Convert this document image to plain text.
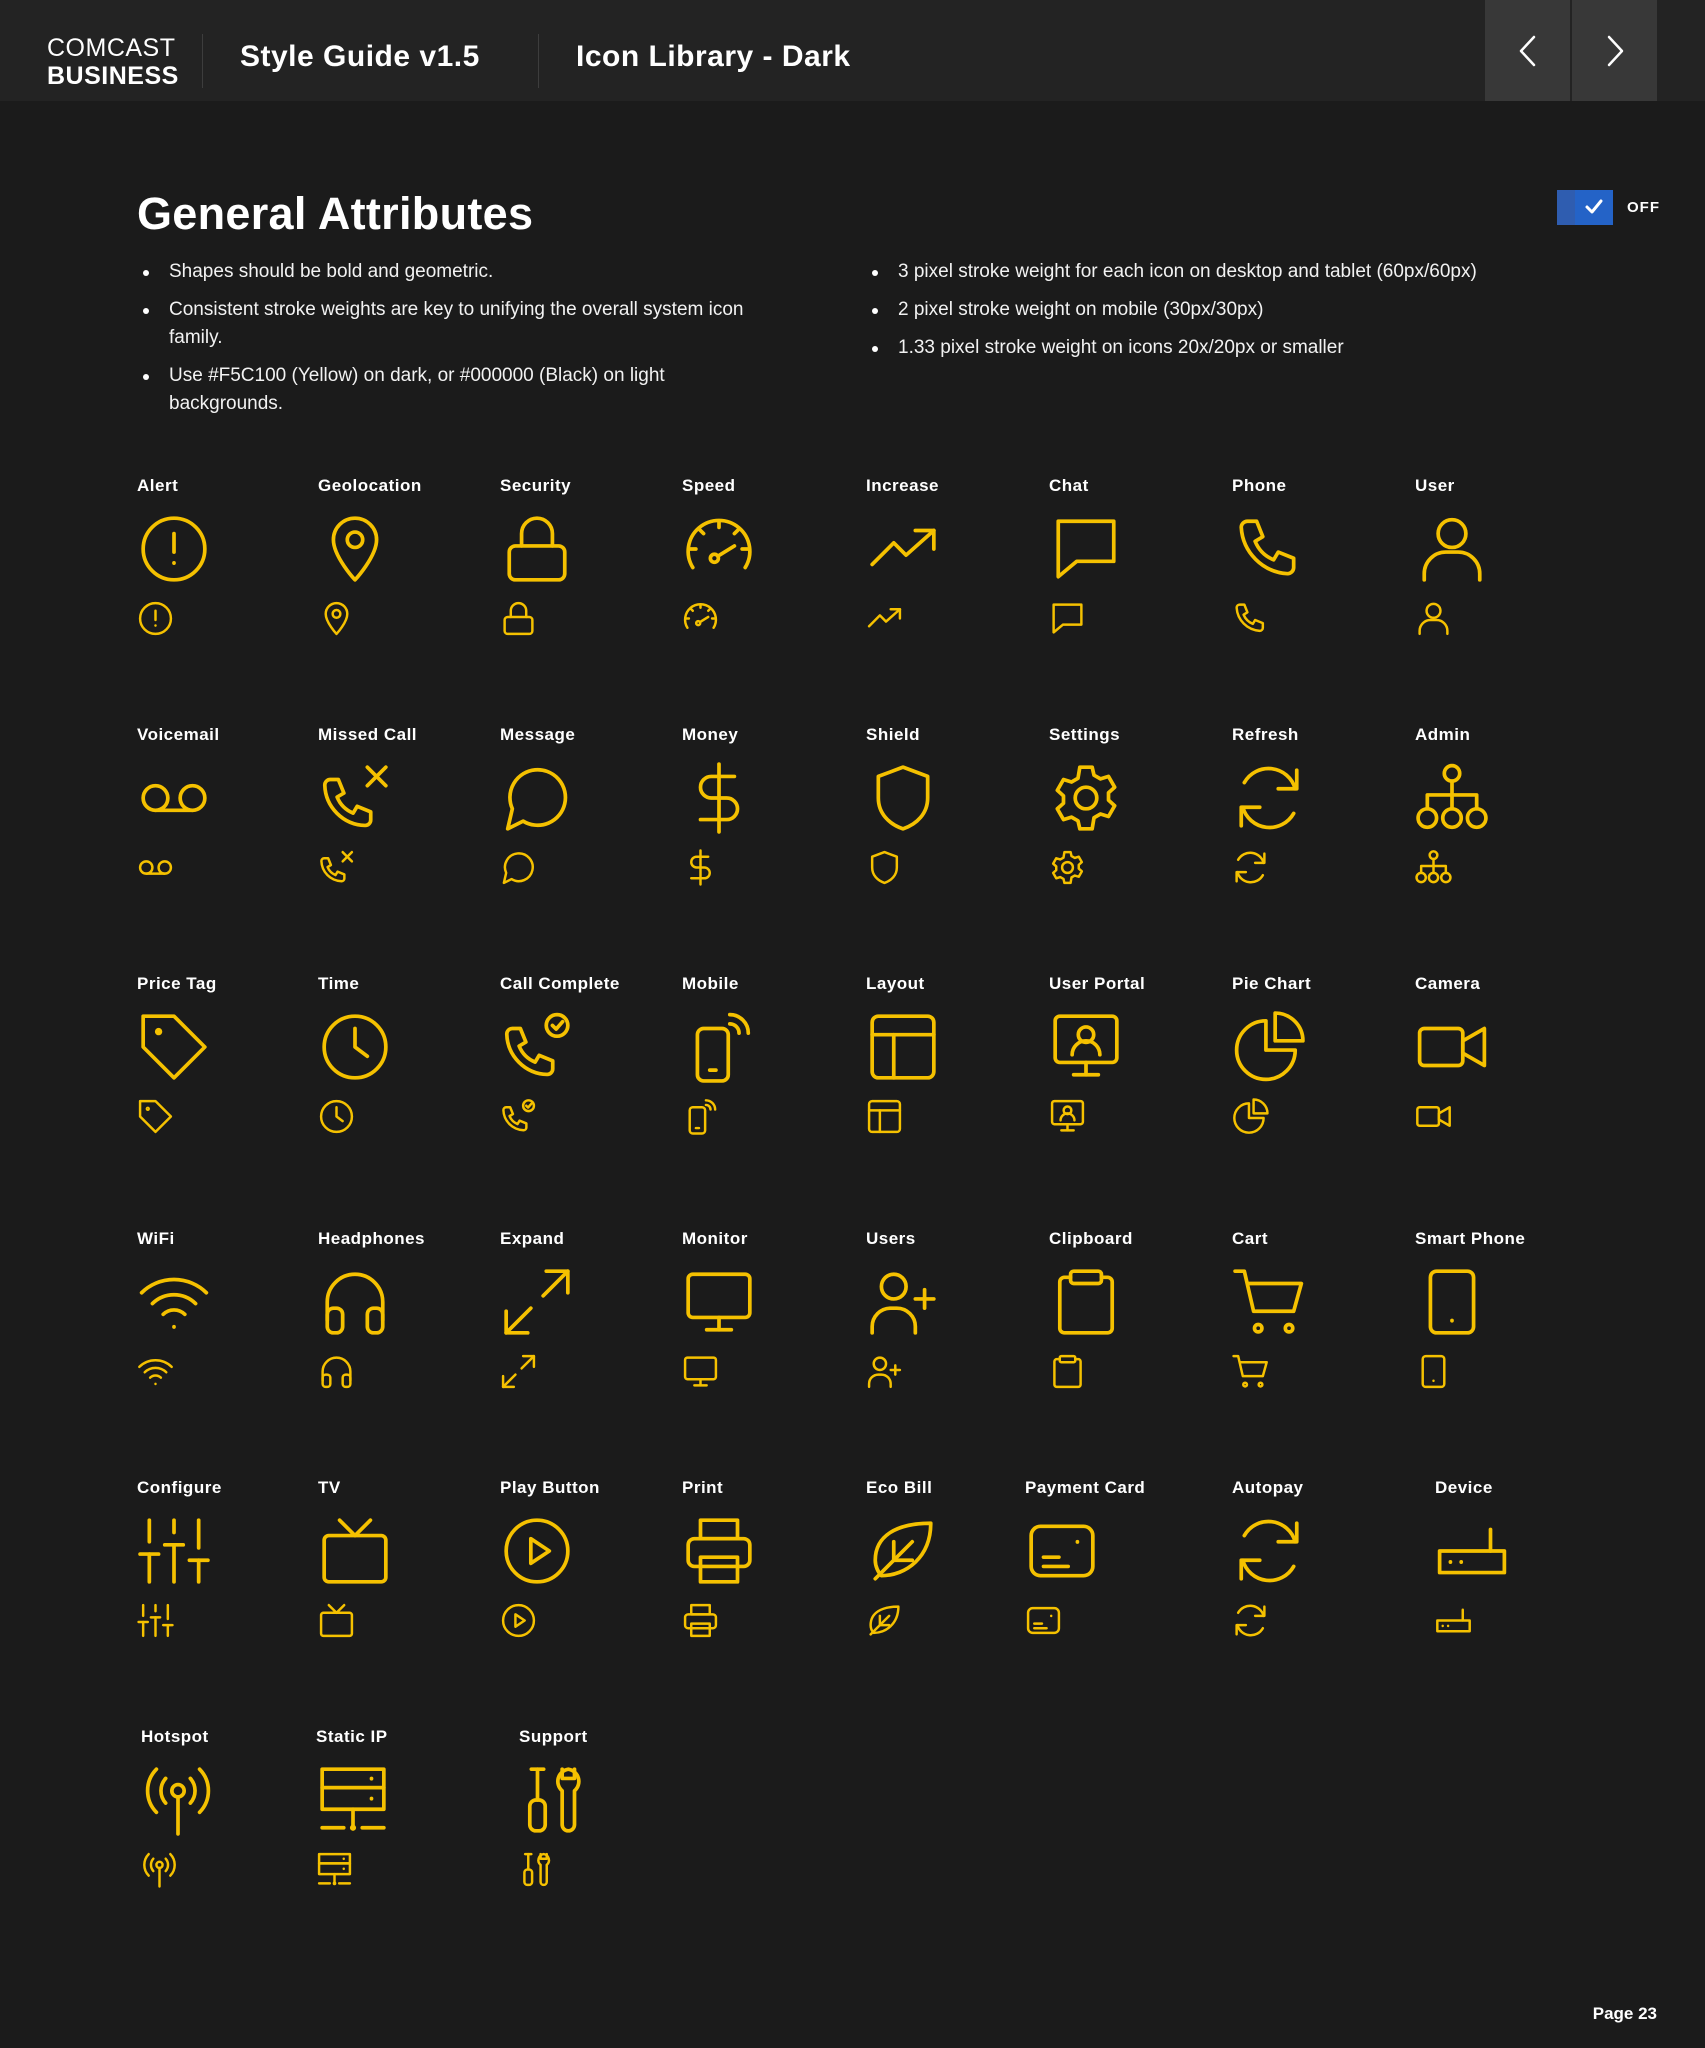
COMCAST
BUSINESS
Style Guide v1.5	Icon Library - Dark
General Attributes	OFF
Shapes should be bold and geometric.
Consistent stroke weights are key to unifying the overall system icon family.
Use #F5C100 (Yellow) on dark, or #000000 (Black) on light backgrounds.
3 pixel stroke weight for each icon on desktop and tablet (60px/60px)
2 pixel stroke weight on mobile (30px/30px)
1.33 pixel stroke weight on icons 20x/20px or smaller
Alert	Geolocation	Security	Speed	Increase	Chat	Phone	User
Voicemail	Missed Call	Message	Money	Shield	Settings	Refresh	Admin
Price Tag	Time	Call Complete	Mobile	Layout	User Portal	Pie Chart	Camera
WiFi	Headphones	Expand	Monitor	Users	Clipboard	Cart	Smart Phone
Configure	TV	Play Button	Print	Eco Bill	Payment Card	Autopay	Device
Hotspot	Static IP	Support
Page 23
